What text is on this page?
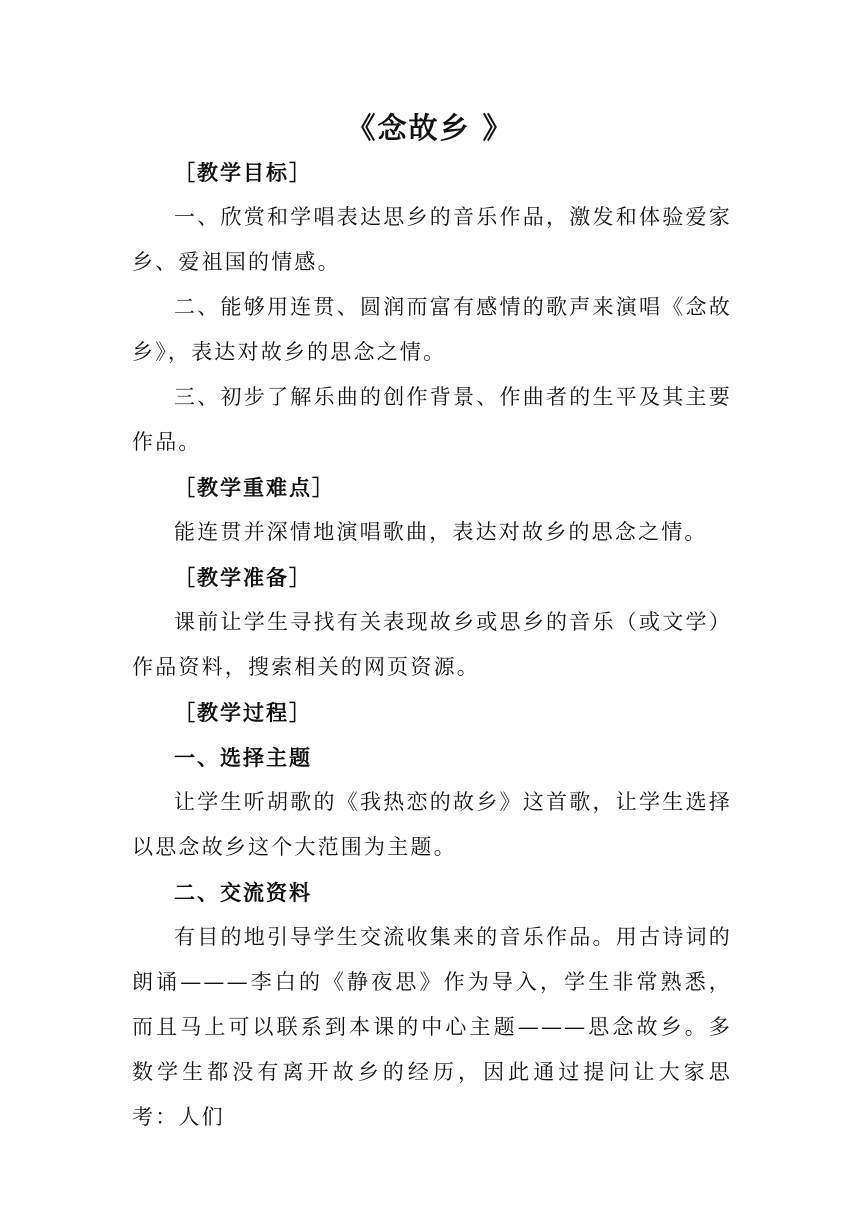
《念故乡 》

［教学目标］

一、欣赏和学唱表达思乡的音乐作品，激发和体验爱家乡、爱祖国的情感。

二、能够用连贯、圆润而富有感情的歌声来演唱《念故乡》，表达对故乡的思念之情。

三、初步了解乐曲的创作背景、作曲者的生平及其主要作品。

［教学重难点］

能连贯并深情地演唱歌曲，表达对故乡的思念之情。

［教学准备］

课前让学生寻找有关表现故乡或思乡的音乐（或文学）作品资料，搜索相关的网页资源。

［教学过程］

一、选择主题

让学生听胡歌的《我热恋的故乡》这首歌，让学生选择以思念故乡这个大范围为主题。

二、交流资料

有目的地引导学生交流收集来的音乐作品。用古诗词的朗诵———李白的《静夜思》作为导入，学生非常熟悉，而且马上可以联系到本课的中心主题———思念故乡。多数学生都没有离开故乡的经历，因此通过提问让大家思考：人们
